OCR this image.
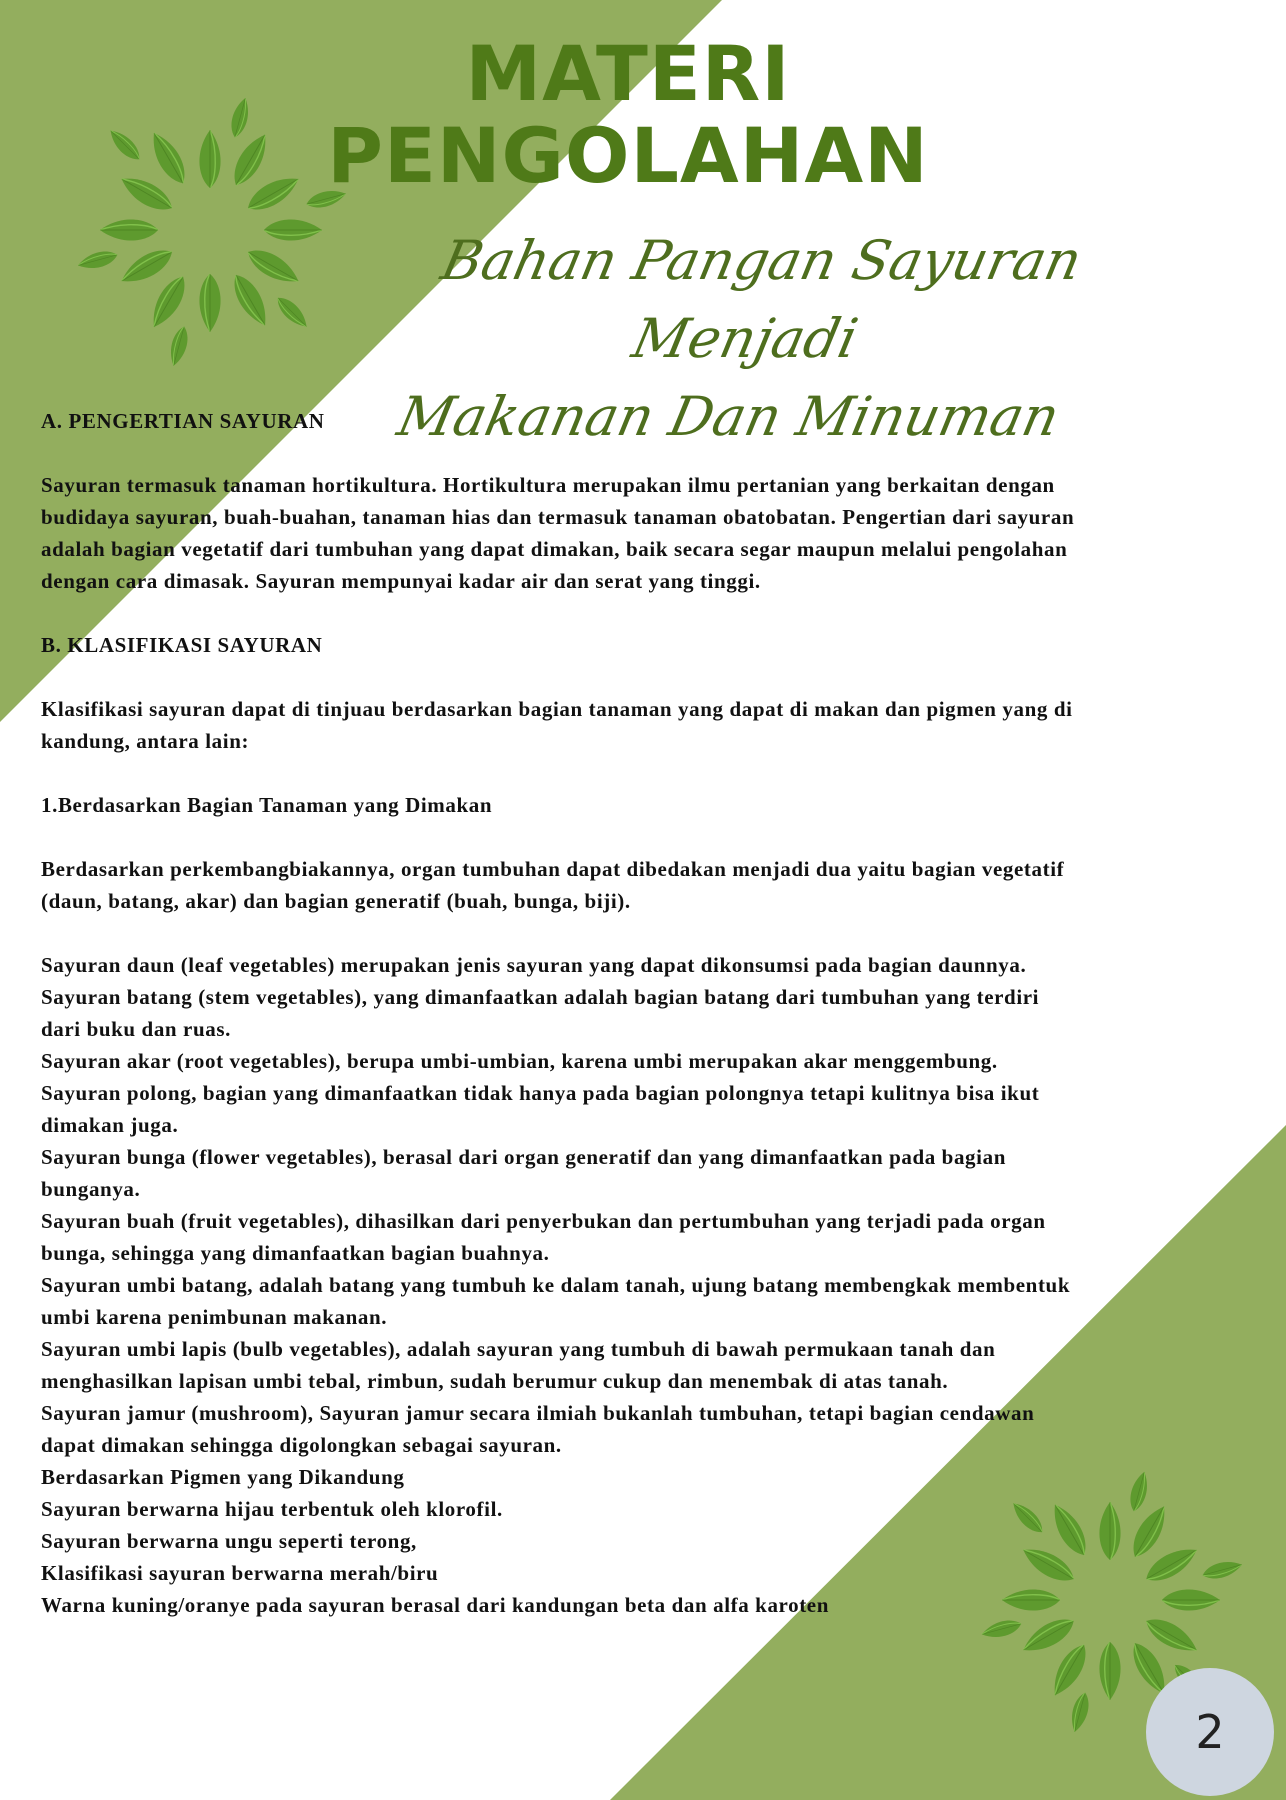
MATERI
PENGOLAHAN
Bahan Pangan Sayuran Menjadi
Makanan Dan Minuman

A. PENGERTIAN SAYURAN

Sayuran termasuk tanaman hortikultura. Hortikultura merupakan ilmu pertanian yang berkaitan dengan budidaya sayuran, buah-buahan, tanaman hias dan termasuk tanaman obatobatan. Pengertian dari sayuran adalah bagian vegetatif dari tumbuhan yang dapat dimakan, baik secara segar maupun melalui pengolahan dengan cara dimasak. Sayuran mempunyai kadar air dan serat yang tinggi.

B. KLASIFIKASI SAYURAN

Klasifikasi sayuran dapat di tinjuau berdasarkan bagian tanaman yang dapat di makan dan pigmen yang di kandung, antara lain:

1.Berdasarkan Bagian Tanaman yang Dimakan

Berdasarkan perkembangbiakannya, organ tumbuhan dapat dibedakan menjadi dua yaitu bagian vegetatif (daun, batang, akar) dan bagian generatif (buah, bunga, biji).

Sayuran daun (leaf vegetables) merupakan jenis sayuran yang dapat dikonsumsi pada bagian daunnya.

Sayuran batang (stem vegetables), yang dimanfaatkan adalah bagian batang dari tumbuhan yang terdiri dari buku dan ruas.

Sayuran akar (root vegetables), berupa umbi-umbian, karena umbi merupakan akar menggembung.

Sayuran polong, bagian yang dimanfaatkan tidak hanya pada bagian polongnya tetapi kulitnya bisa ikut dimakan juga.

Sayuran bunga (flower vegetables), berasal dari organ generatif dan yang dimanfaatkan pada bagian bunganya.

Sayuran buah (fruit vegetables), dihasilkan dari penyerbukan dan pertumbuhan yang terjadi pada organ bunga, sehingga yang dimanfaatkan bagian buahnya.

Sayuran umbi batang, adalah batang yang tumbuh ke dalam tanah, ujung batang membengkak membentuk umbi karena penimbunan makanan.

Sayuran umbi lapis (bulb vegetables), adalah sayuran yang tumbuh di bawah permukaan tanah dan menghasilkan lapisan umbi tebal, rimbun, sudah berumur cukup dan menembak di atas tanah.

Sayuran jamur (mushroom), Sayuran jamur secara ilmiah bukanlah tumbuhan, tetapi bagian cendawan dapat dimakan sehingga digolongkan sebagai sayuran.

Berdasarkan Pigmen yang Dikandung

Sayuran berwarna hijau terbentuk oleh klorofil.

Sayuran berwarna ungu seperti terong,

Klasifikasi sayuran berwarna merah/biru

Warna kuning/oranye pada sayuran berasal dari kandungan beta dan alfa karoten

2
